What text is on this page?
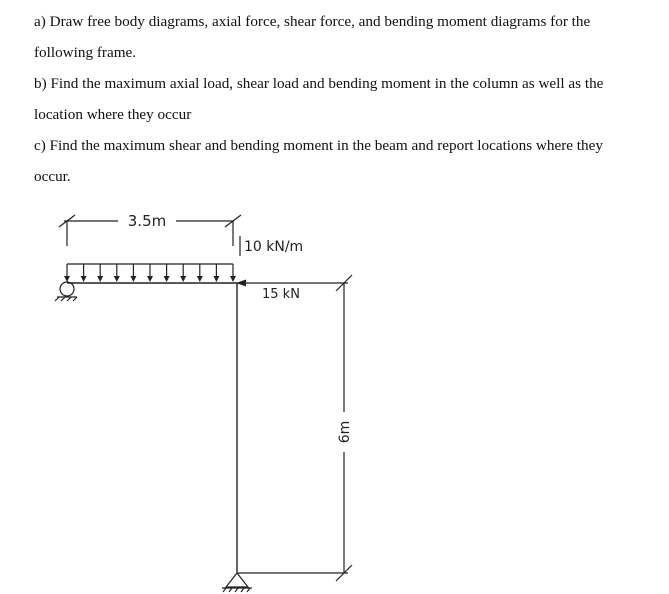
a) Draw free body diagrams, axial force, shear force, and bending moment diagrams for the
following frame.
b) Find the maximum axial load, shear load and bending moment in the column as well as the
location where they occur
c) Find the maximum shear and bending moment in the beam and report locations where they
occur.
3.5m
10 kN/m
15 kN
6m
